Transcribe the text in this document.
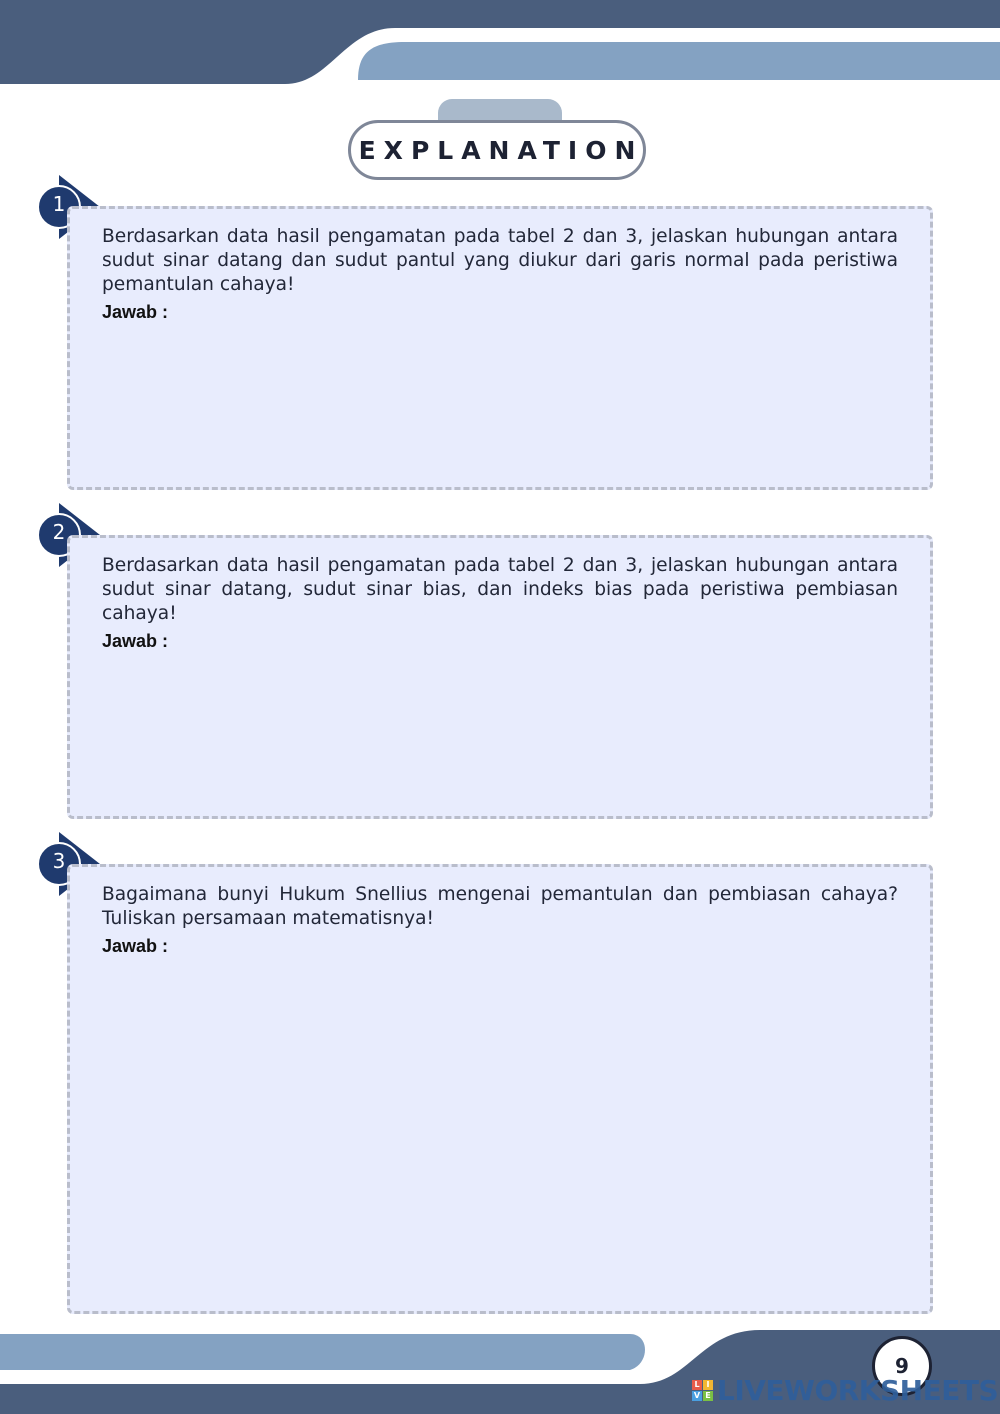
EXPLANATION
1

Berdasarkan data hasil pengamatan pada tabel 2 dan 3, jelaskan hubungan antara sudut sinar datang dan sudut pantul yang diukur dari garis normal pada peristiwa pemantulan cahaya!

Jawab :
2

Berdasarkan data hasil pengamatan pada tabel 2 dan 3, jelaskan hubungan antara sudut sinar datang, sudut sinar bias, dan indeks bias pada peristiwa pembiasan cahaya!

Jawab :
3

Bagaimana bunyi Hukum Snellius mengenai pemantulan dan pembiasan cahaya? Tuliskan persamaan matematisnya!

Jawab :
9
L I
V E LIVEWORKSHEETS
